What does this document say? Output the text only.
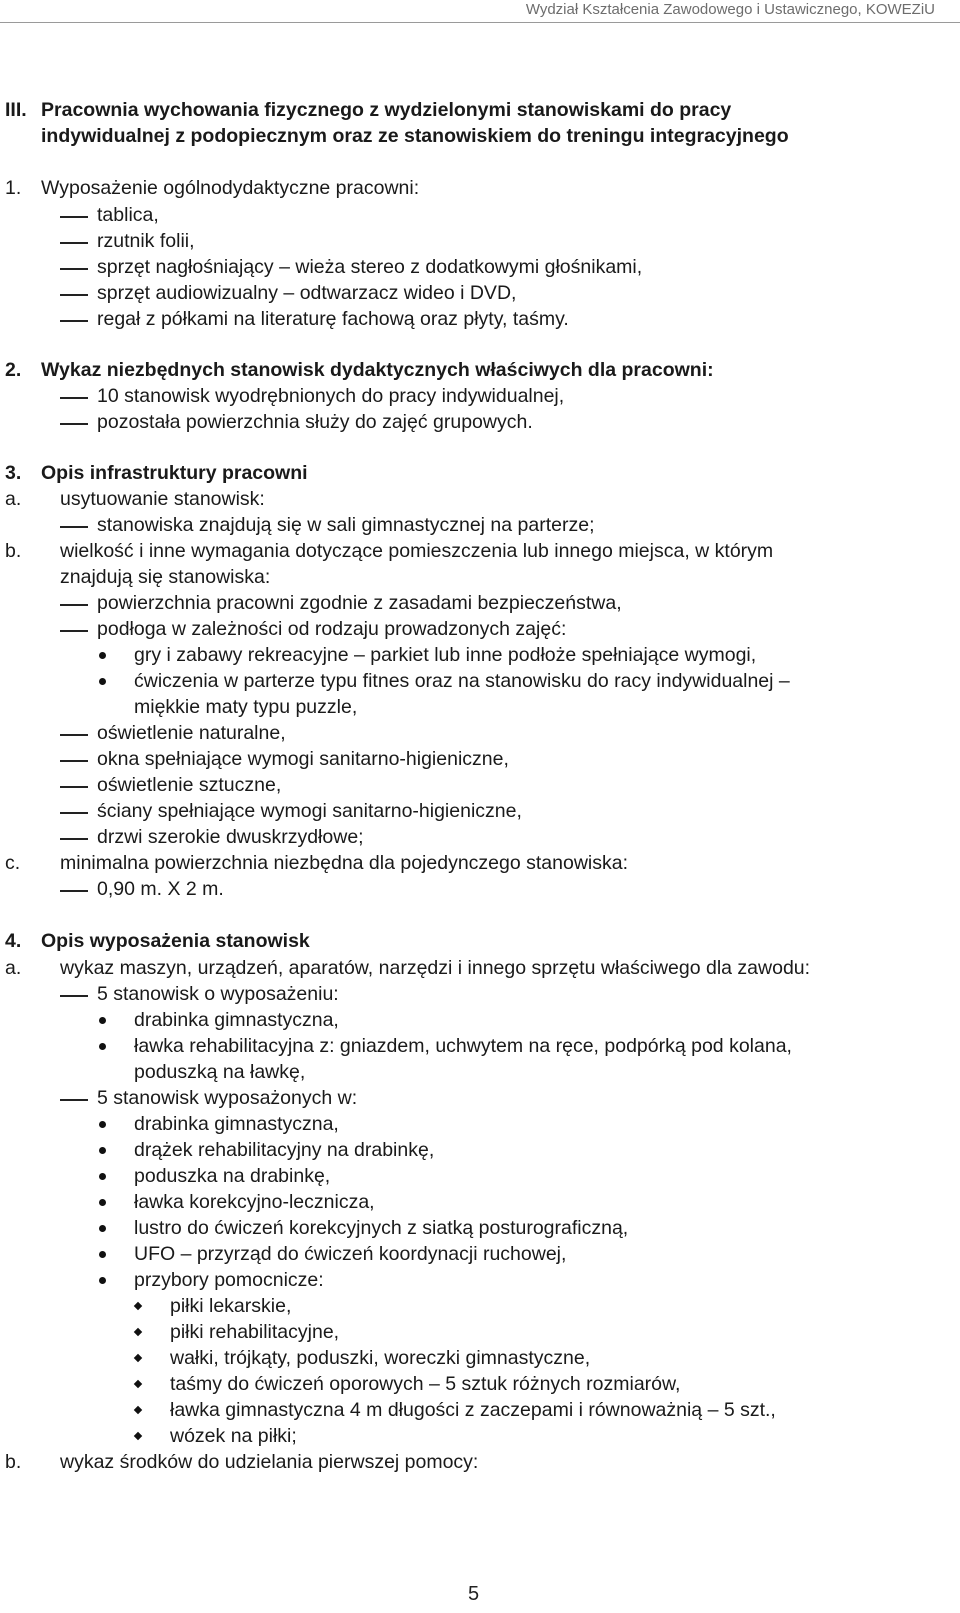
Wydział Kształcenia Zawodowego i Ustawicznego, KOWEZiU
III. Pracownia wychowania fizycznego z wydzielonymi stanowiskami do pracy
indywidualnej z podopiecznym oraz ze stanowiskiem do treningu integracyjnego
1. Wyposażenie ogólnodydaktyczne pracowni:
tablica,
rzutnik folii,
sprzęt nagłośniający – wieża stereo z dodatkowymi głośnikami,
sprzęt audiowizualny – odtwarzacz wideo i DVD,
regał z półkami na literaturę fachową oraz płyty, taśmy.
2. Wykaz niezbędnych stanowisk dydaktycznych właściwych dla pracowni:
10 stanowisk wyodrębnionych do pracy indywidualnej,
pozostała powierzchnia służy do zajęć grupowych.
3. Opis infrastruktury pracowni
a. usytuowanie stanowisk:
stanowiska znajdują się w sali gimnastycznej na parterze;
b. wielkość i inne wymagania dotyczące pomieszczenia lub innego miejsca, w którym
znajdują się stanowiska:
powierzchnia pracowni zgodnie z zasadami bezpieczeństwa,
podłoga w zależności od rodzaju prowadzonych zajęć:
gry i zabawy rekreacyjne – parkiet lub inne podłoże spełniające wymogi,
ćwiczenia w parterze typu fitnes oraz na stanowisku do racy indywidualnej –
miękkie maty typu puzzle,
oświetlenie naturalne,
okna spełniające wymogi sanitarno-higieniczne,
oświetlenie sztuczne,
ściany spełniające wymogi sanitarno-higieniczne,
drzwi szerokie dwuskrzydłowe;
c. minimalna powierzchnia niezbędna dla pojedynczego stanowiska:
0,90 m. X 2 m.
4. Opis wyposażenia stanowisk
a. wykaz maszyn, urządzeń, aparatów, narzędzi i innego sprzętu właściwego dla zawodu:
5 stanowisk o wyposażeniu:
drabinka gimnastyczna,
ławka rehabilitacyjna z: gniazdem, uchwytem na ręce, podpórką pod kolana,
poduszką na ławkę,
5 stanowisk wyposażonych w:
drabinka gimnastyczna,
drążek rehabilitacyjny na drabinkę,
poduszka na drabinkę,
ławka korekcyjno-lecznicza,
lustro do ćwiczeń korekcyjnych z siatką posturograficzną,
UFO – przyrząd do ćwiczeń koordynacji ruchowej,
przybory pomocnicze:
piłki lekarskie,
piłki rehabilitacyjne,
wałki, trójkąty, poduszki, woreczki gimnastyczne,
taśmy do ćwiczeń oporowych – 5 sztuk różnych rozmiarów,
ławka gimnastyczna 4 m długości z zaczepami i równoważnią – 5 szt.,
wózek na piłki;
b. wykaz środków do udzielania pierwszej pomocy:
5
